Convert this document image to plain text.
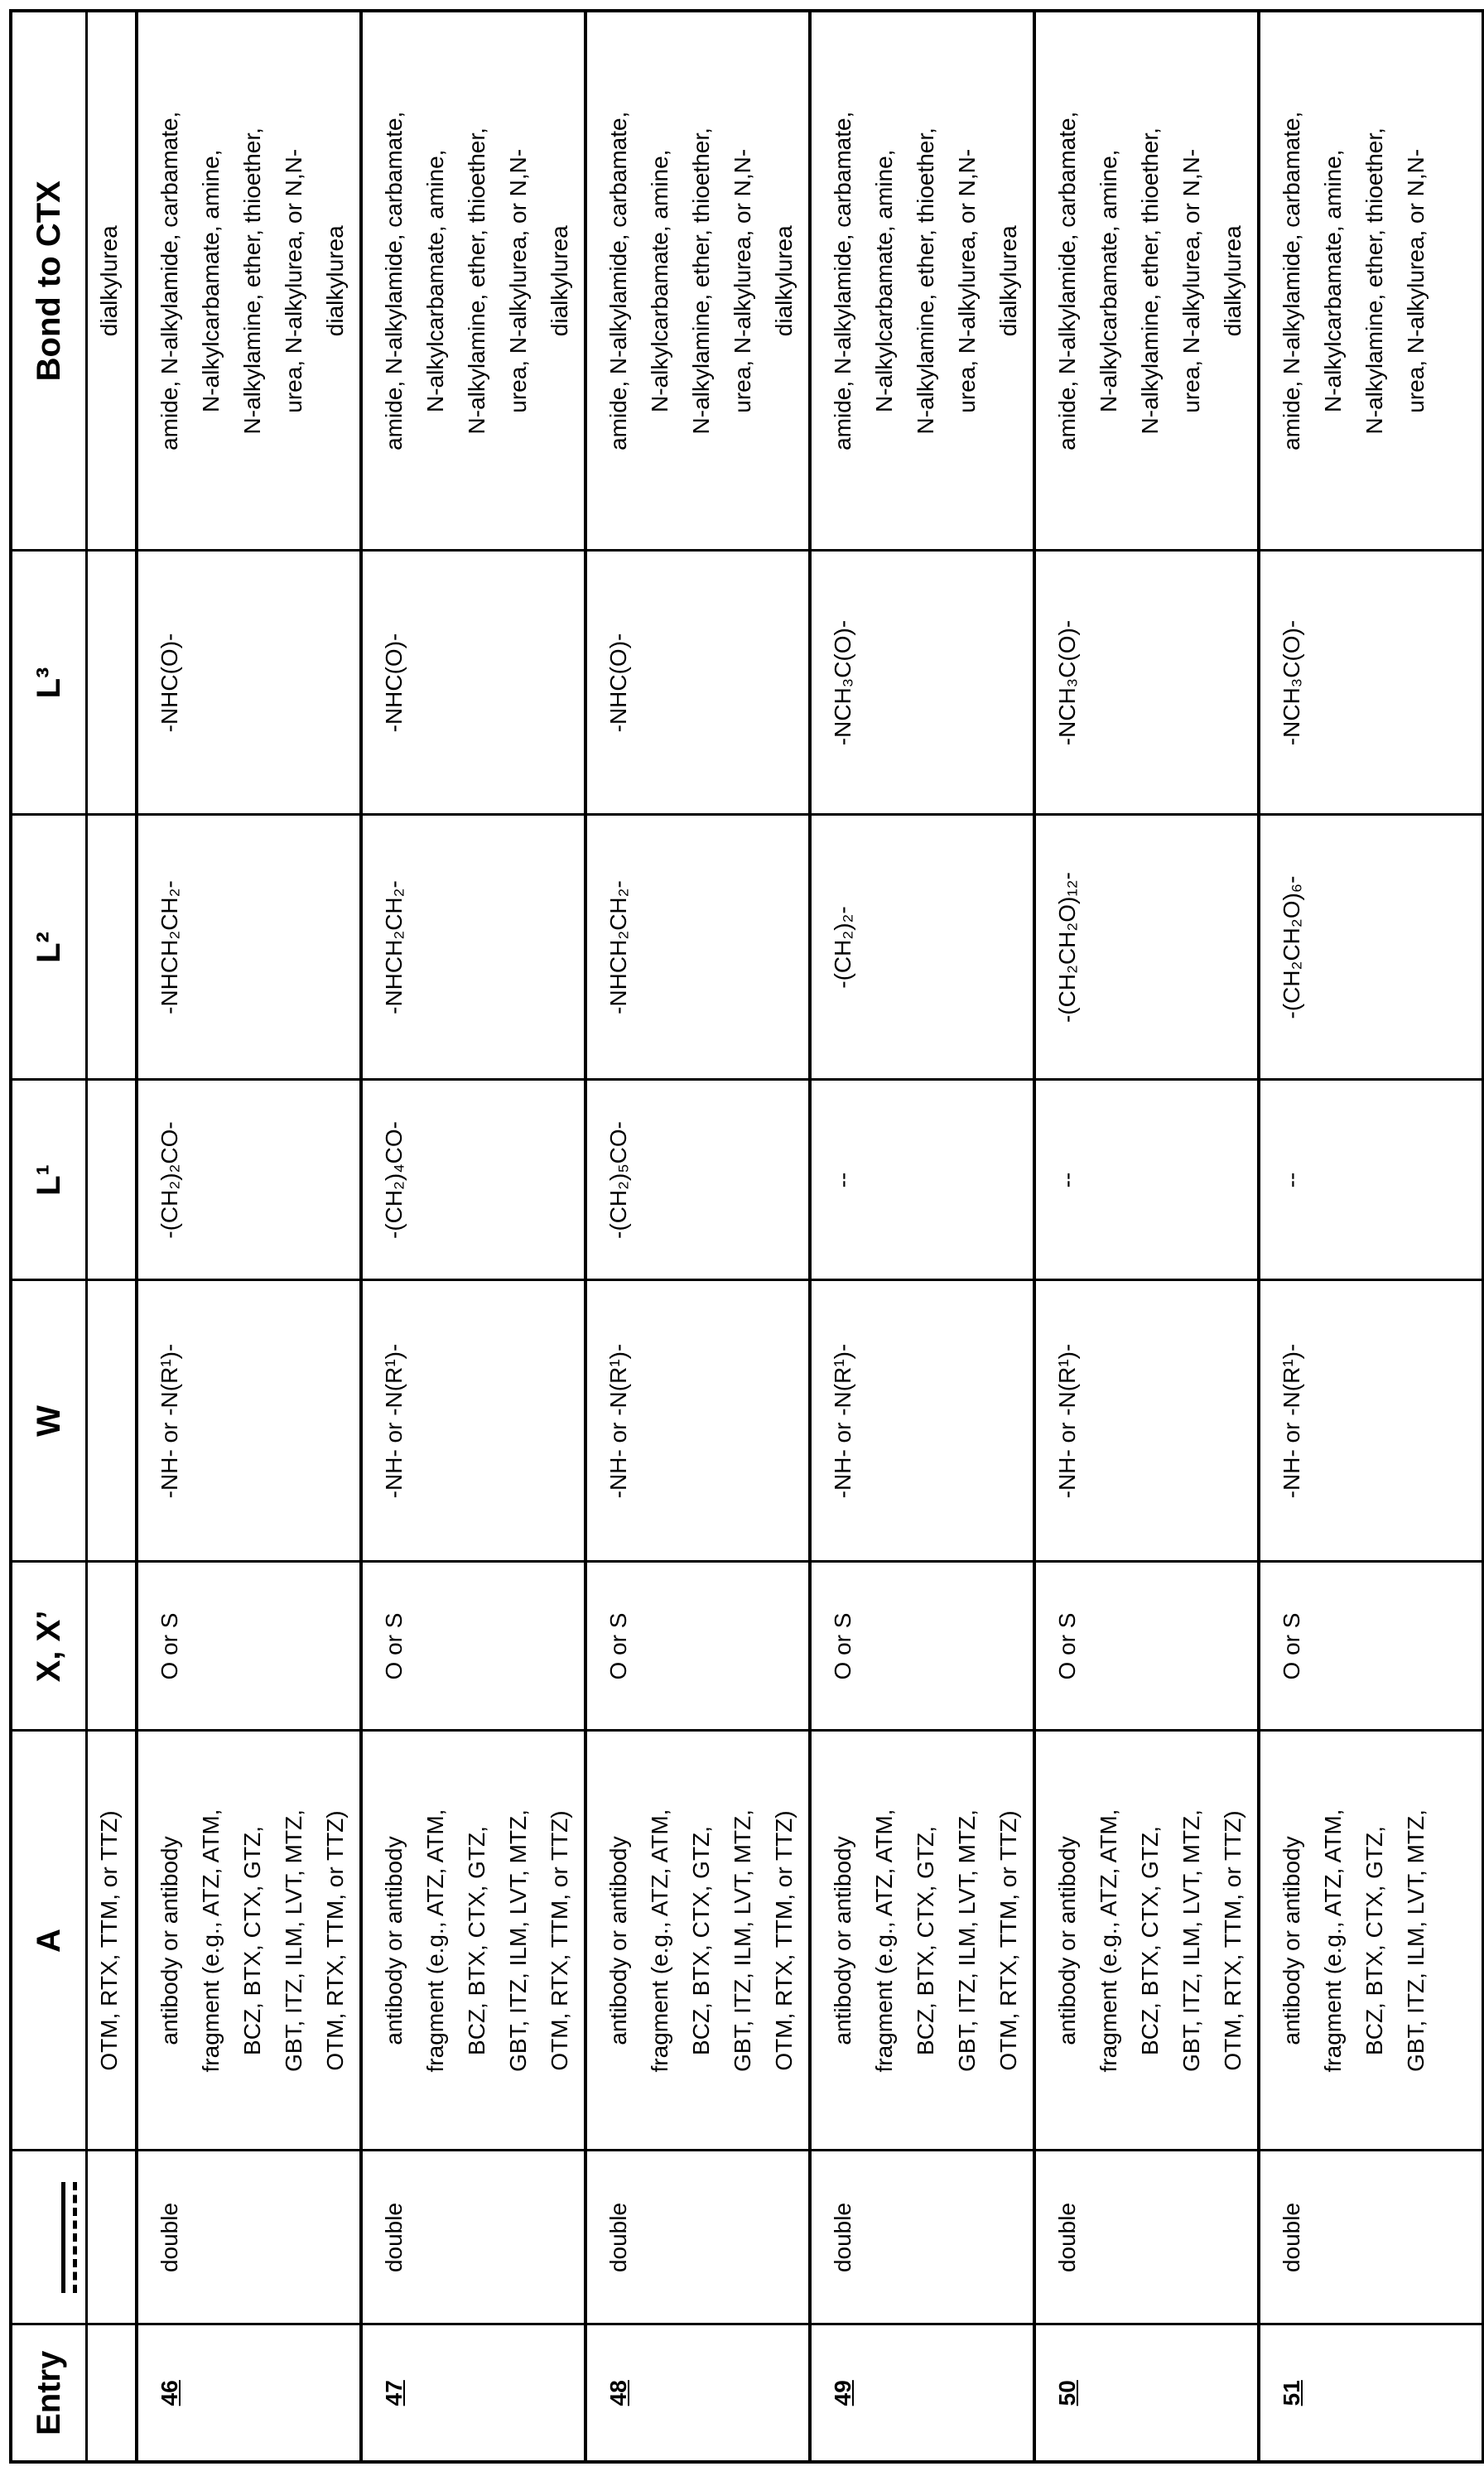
Entry	

	A	X, X’	W	L¹	L²	L³	Bond to CTX
		OTM, RTX, TTM, or TTZ)						dialkylurea
46	double	antibody or antibody
fragment (e.g., ATZ, ATM,
BCZ, BTX, CTX, GTZ,
GBT, ITZ, ILM, LVT, MTZ,
OTM, RTX, TTM, or TTZ)	O or S	-NH- or -N(R¹)-	-(CH₂)₂CO-	-NHCH₂CH₂-	-NHC(O)-	amide, N-alkylamide, carbamate,
N-alkylcarbamate, amine,
N-alkylamine, ether, thioether,
urea, N-alkylurea, or N,N-
dialkylurea
47	double	antibody or antibody
fragment (e.g., ATZ, ATM,
BCZ, BTX, CTX, GTZ,
GBT, ITZ, ILM, LVT, MTZ,
OTM, RTX, TTM, or TTZ)	O or S	-NH- or -N(R¹)-	-(CH₂)₄CO-	-NHCH₂CH₂-	-NHC(O)-	amide, N-alkylamide, carbamate,
N-alkylcarbamate, amine,
N-alkylamine, ether, thioether,
urea, N-alkylurea, or N,N-
dialkylurea
48	double	antibody or antibody
fragment (e.g., ATZ, ATM,
BCZ, BTX, CTX, GTZ,
GBT, ITZ, ILM, LVT, MTZ,
OTM, RTX, TTM, or TTZ)	O or S	-NH- or -N(R¹)-	-(CH₂)₅CO-	-NHCH₂CH₂-	-NHC(O)-	amide, N-alkylamide, carbamate,
N-alkylcarbamate, amine,
N-alkylamine, ether, thioether,
urea, N-alkylurea, or N,N-
dialkylurea
49	double	antibody or antibody
fragment (e.g., ATZ, ATM,
BCZ, BTX, CTX, GTZ,
GBT, ITZ, ILM, LVT, MTZ,
OTM, RTX, TTM, or TTZ)	O or S	-NH- or -N(R¹)-	--	-(CH₂)₂-	-NCH₃C(O)-	amide, N-alkylamide, carbamate,
N-alkylcarbamate, amine,
N-alkylamine, ether, thioether,
urea, N-alkylurea, or N,N-
dialkylurea
50	double	antibody or antibody
fragment (e.g., ATZ, ATM,
BCZ, BTX, CTX, GTZ,
GBT, ITZ, ILM, LVT, MTZ,
OTM, RTX, TTM, or TTZ)	O or S	-NH- or -N(R¹)-	--	-(CH₂CH₂O)₁₂-	-NCH₃C(O)-	amide, N-alkylamide, carbamate,
N-alkylcarbamate, amine,
N-alkylamine, ether, thioether,
urea, N-alkylurea, or N,N-
dialkylurea
51	double	antibody or antibody
fragment (e.g., ATZ, ATM,
BCZ, BTX, CTX, GTZ,
GBT, ITZ, ILM, LVT, MTZ,	O or S	-NH- or -N(R¹)-	--	-(CH₂CH₂O)₆-	-NCH₃C(O)-	amide, N-alkylamide, carbamate,
N-alkylcarbamate, amine,
N-alkylamine, ether, thioether,
urea, N-alkylurea, or N,N-
